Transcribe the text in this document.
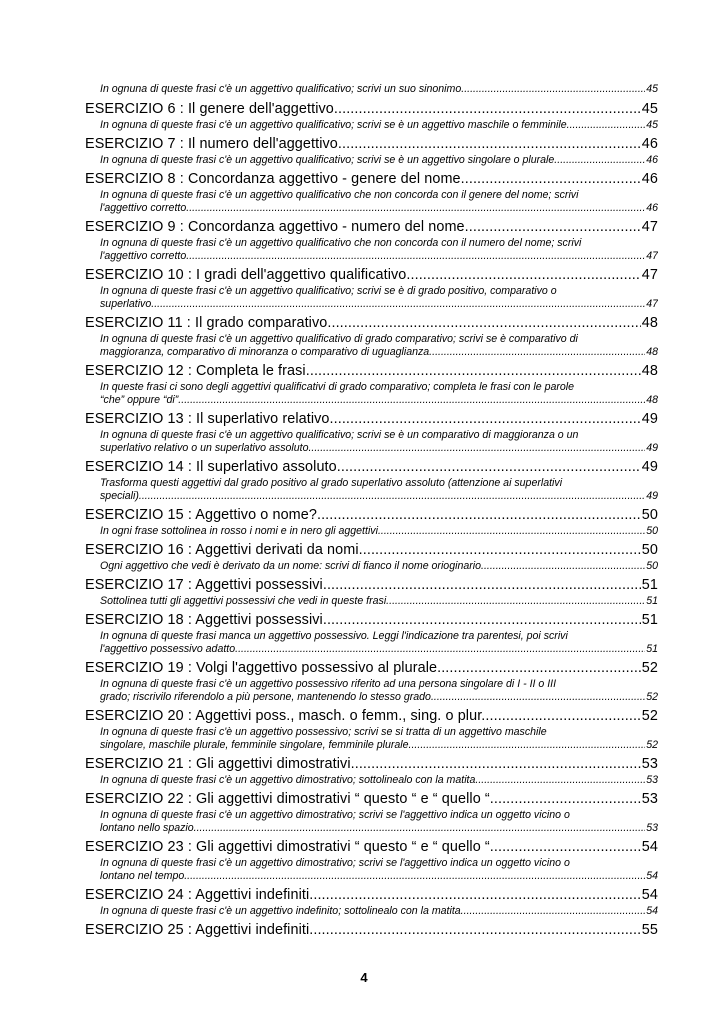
In ognuna di queste frasi c'è un aggettivo qualificativo; scrivi un suo sinonimo. .....	45
ESERCIZIO 6 : Il genere dell'aggettivo. .....	45
In ognuna di queste frasi c'è un aggettivo qualificativo; scrivi se è un aggettivo maschile o femminile. .....	45
ESERCIZIO 7 : Il numero dell'aggettivo. .....	46
In ognuna di queste frasi c'è un aggettivo qualificativo; scrivi se è un aggettivo singolare o plurale. .....	46
ESERCIZIO 8 : Concordanza aggettivo - genere del nome. .....	46
In ognuna di queste frasi c'è un aggettivo qualificativo che non concorda con il genere del nome; scrivi
l'aggettivo corretto. .....	46
ESERCIZIO 9 : Concordanza aggettivo - numero del nome. .....	47
In ognuna di queste frasi c'è un aggettivo qualificativo che non concorda con il numero del nome; scrivi
l'aggettivo corretto. .....	47
ESERCIZIO 10 : I gradi dell'aggettivo qualificativo .....	47
In ognuna di queste frasi c'è un aggettivo qualificativo; scrivi se è di grado positivo, comparativo o
superlativo. .....	47
ESERCIZIO 11 : Il grado comparativo .....	48
In ognuna di queste frasi c'è un aggettivo qualificativo di grado comparativo; scrivi se è comparativo di
maggioranza, comparativo di minoranza o comparativo di uguaglianza. .....	48
ESERCIZIO 12 : Completa le frasi. .....	48
In queste frasi ci sono degli aggettivi qualificativi di grado comparativo; completa le frasi con le parole
“che” oppure “di”. .....	48
ESERCIZIO 13 : Il superlativo relativo. .....	49
In ognuna di queste frasi c'è un aggettivo qualificativo; scrivi se è un comparativo di maggioranza o un
superlativo relativo o un superlativo assoluto. .....	49
ESERCIZIO 14 : Il superlativo assoluto .....	49
Trasforma questi aggettivi dal grado positivo al grado superlativo assoluto (attenzione ai superlativi
speciali). .....	49
ESERCIZIO 15 : Aggettivo o nome? .....	50
In ogni frase sottolinea in rosso i nomi e in nero gli aggettivi. .....	50
ESERCIZIO 16 : Aggettivi derivati da nomi. .....	50
Ogni aggettivo che vedi è derivato da un nome: scrivi di fianco il nome orioginario. .....	50
ESERCIZIO 17 : Aggettivi possessivi. .....	51
Sottolinea tutti gli aggettivi possessivi che vedi in queste frasi. .....	51
ESERCIZIO 18 : Aggettivi possessivi. .....	51
In ognuna di queste frasi manca un aggettivo possessivo. Leggi l'indicazione tra parentesi, poi scrivi
l'aggettivo possessivo adatto. .....	51
ESERCIZIO 19 : Volgi l'aggettivo possessivo al plurale. .....	52
In ognuna di queste frasi c'è un aggettivo possessivo riferito ad una persona singolare di I - II o III
grado; riscrivilo riferendolo a più persone, mantenendo lo stesso grado. .....	52
ESERCIZIO 20 : Aggettivi poss., masch. o femm., sing. o plur. .....	52
In ognuna di queste frasi c'è un aggettivo possessivo; scrivi se si tratta di un aggettivo maschile
singolare, maschile plurale, femminile singolare, femminile plurale. .....	52
ESERCIZIO 21 : Gli aggettivi dimostrativi. .....	53
In ognuna di queste frasi c'è un aggettivo dimostrativo; sottolinealo con la matita. .....	53
ESERCIZIO 22 : Gli aggettivi dimostrativi “ questo “ e “ quello “. .....	53
In ognuna di queste frasi c'è un aggettivo dimostrativo; scrivi se l'aggettivo indica un oggetto vicino o
lontano nello spazio. .....	53
ESERCIZIO 23 : Gli aggettivi dimostrativi “ questo “ e “ quello “. .....	54
In ognuna di queste frasi c'è un aggettivo dimostrativo; scrivi se l'aggettivo indica un oggetto vicino o
lontano nel tempo. .....	54
ESERCIZIO 24 : Aggettivi indefiniti. .....	54
In ognuna di queste frasi c'è un aggettivo indefinito; sottolinealo con la matita. .....	54
ESERCIZIO 25 : Aggettivi indefiniti. .....	55
4
